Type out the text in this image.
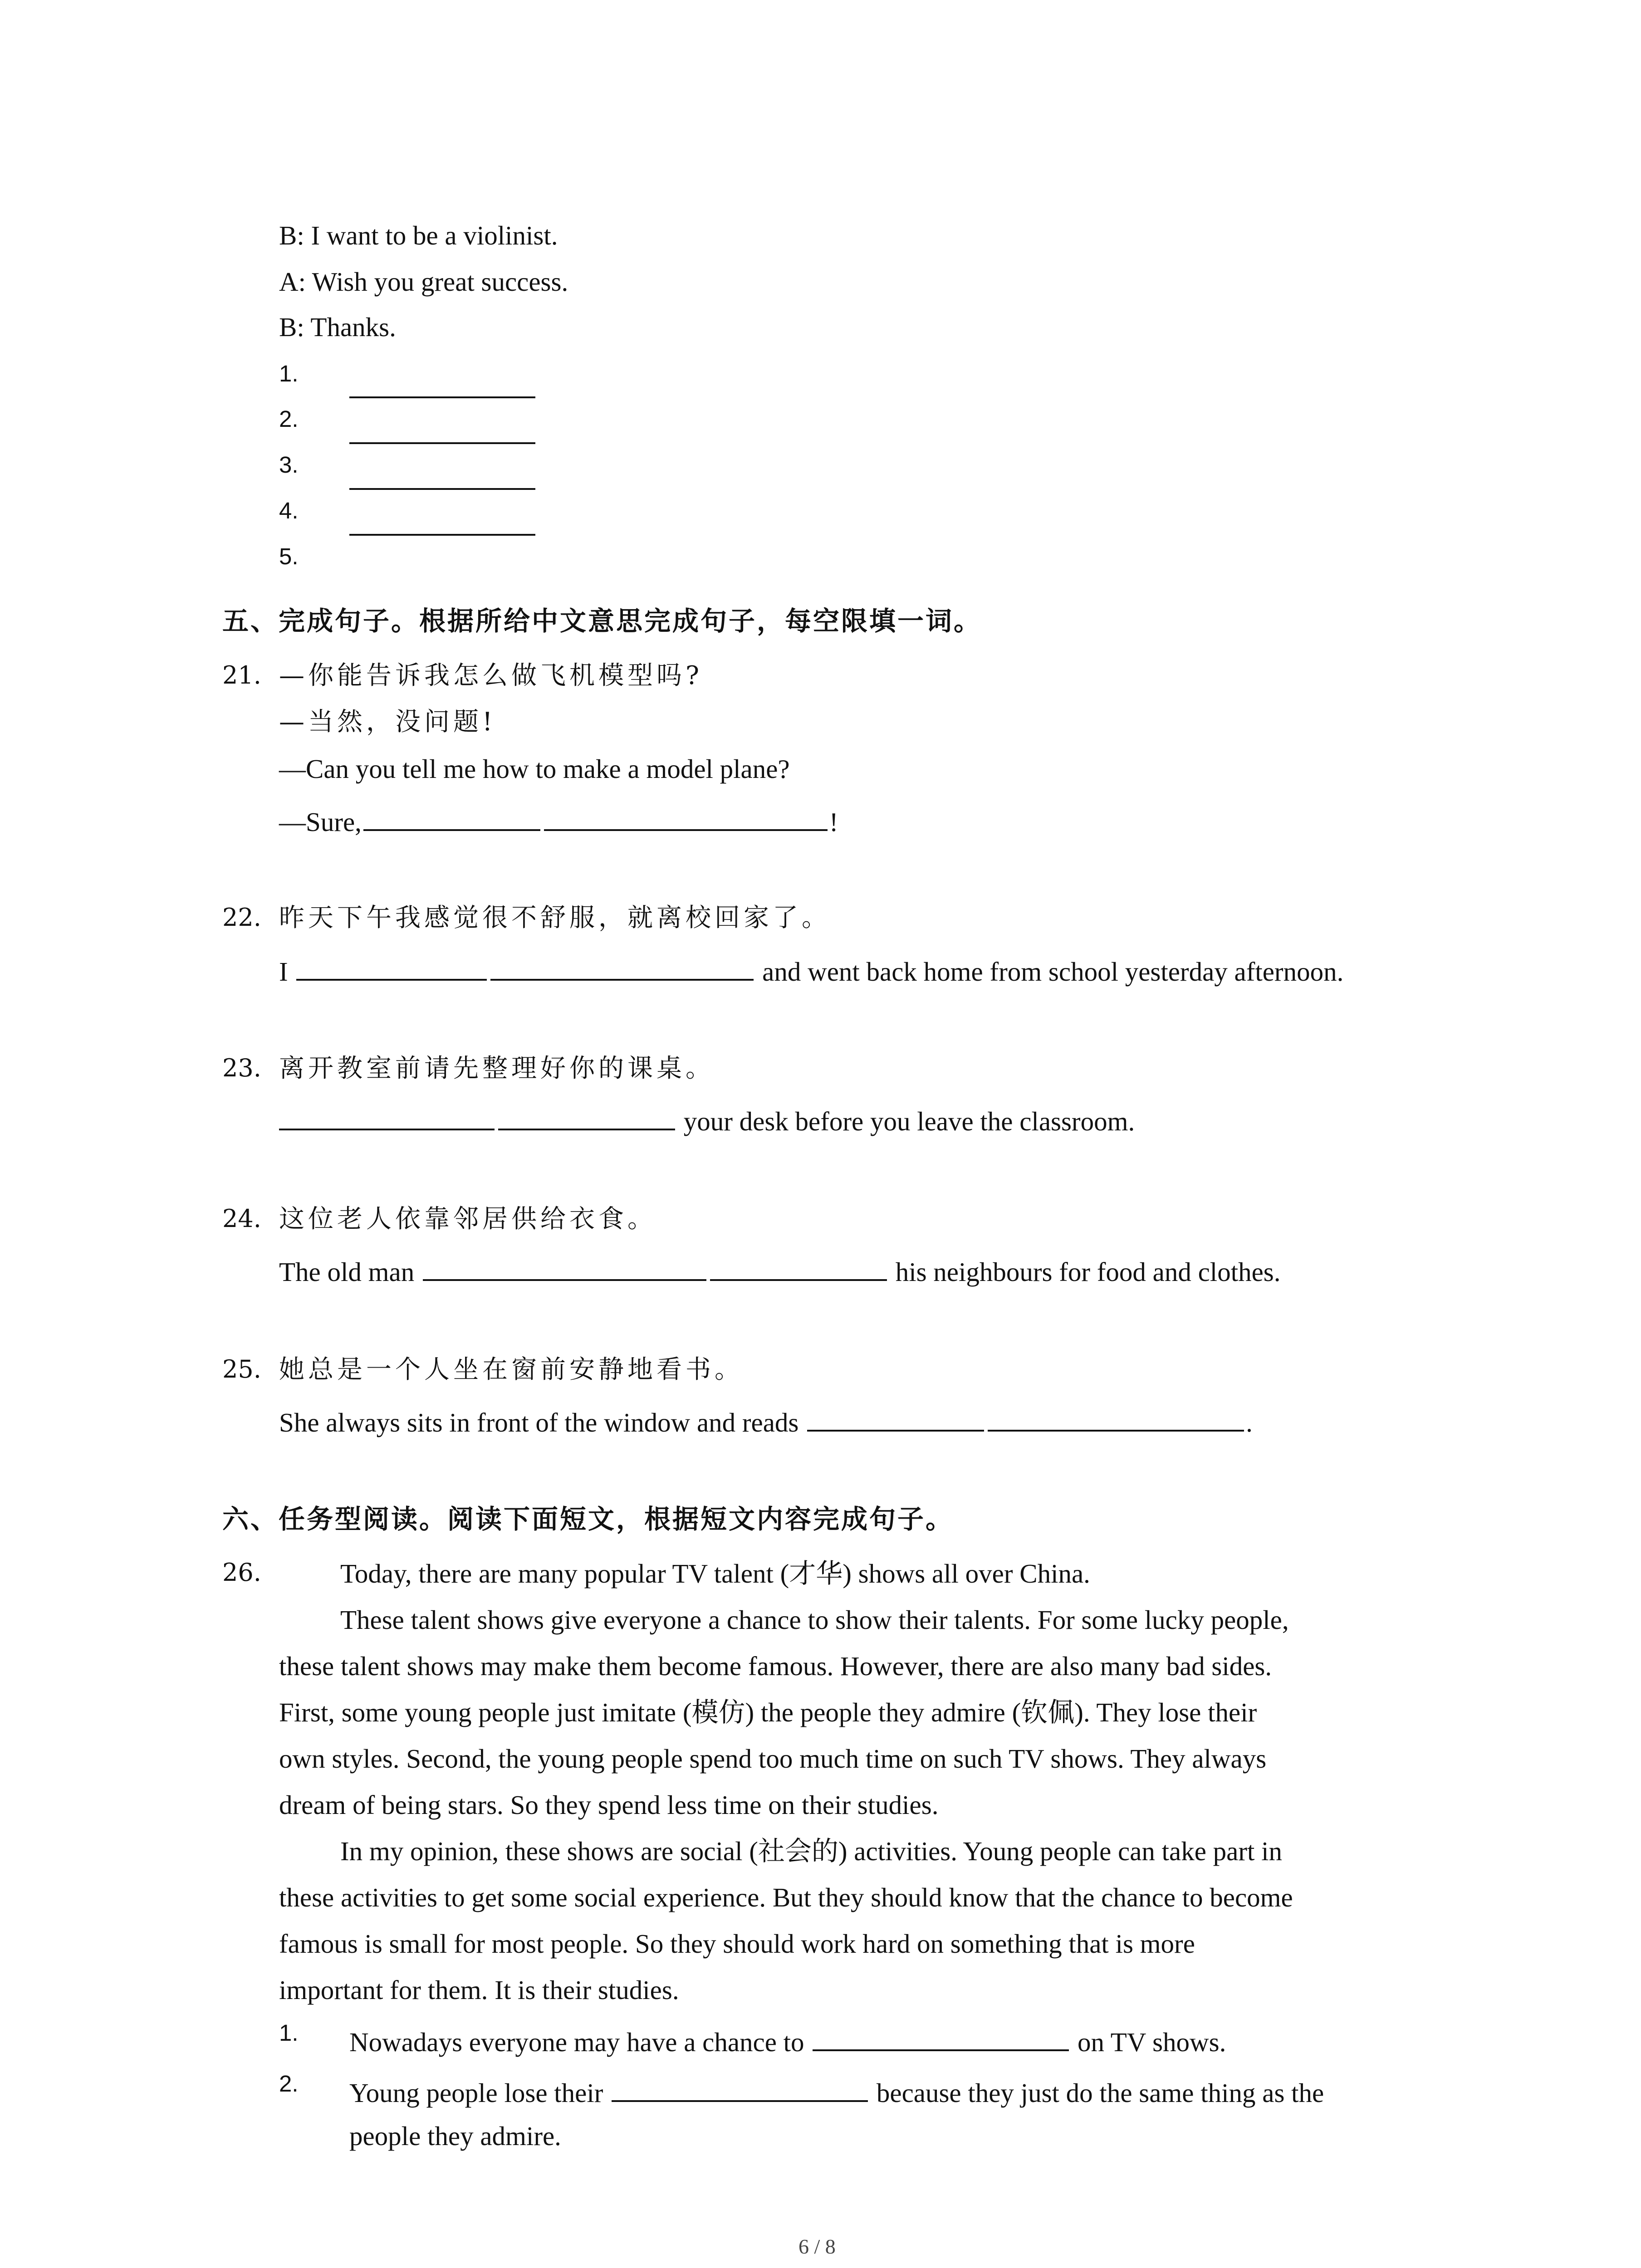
B: I want to be a violinist.
A: Wish you great success.
B: Thanks.
1.
2.
3.
4.
5.
五、完成句子。根据所给中文意思完成句子，每空限填一词。
21. —你能告诉我怎么做飞机模型吗?
—当然，没问题!
—Can you tell me how to make a model plane?
—Sure,	!
22. 昨天下午我感觉很不舒服，就离校回家了。
I	and went back home from school yesterday afternoon.
23. 离开教室前请先整理好你的课桌。
your desk before you leave the classroom.
24. 这位老人依靠邻居供给衣食。
The old man	his neighbours for food and clothes.
25. 她总是一个人坐在窗前安静地看书。
She always sits in front of the window and reads	.
六、任务型阅读。阅读下面短文，根据短文内容完成句子。
26.	Today, there are many popular TV talent (才华) shows all over China.
These talent shows give everyone a chance to show their talents. For some lucky people,
these talent shows may make them become famous. However, there are also many bad sides.
First, some young people just imitate (模仿) the people they admire (钦佩). They lose their
own styles. Second, the young people spend too much time on such TV shows. They always
dream of being stars. So they spend less time on their studies.
In my opinion, these shows are social (社会的) activities. Young people can take part in
these activities to get some social experience. But they should know that the chance to become
famous is small for most people. So they should work hard on something that is more
important for them. It is their studies.
1. Nowadays everyone may have a chance to	on TV shows.
2. Young people lose their	because they just do the same thing as the
people they admire.
6 / 8
